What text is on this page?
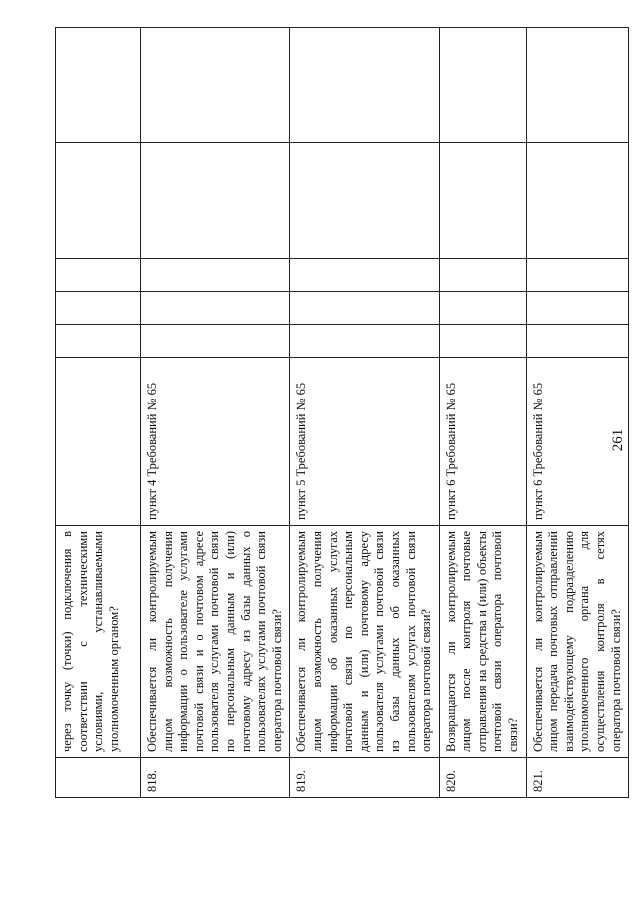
261
	через точку (точки) подключения в соответствии с техническими условиями, устанавливаемыми уполномоченным органом?						
818.	Обеспечивается ли контролируемым лицом возможность получения информации о пользователе услугами почтовой связи и о почтовом адресе пользователя услугами почтовой связи по персональным данным и (или) почтовому адресу из базы данных о пользователях услугами почтовой связи оператора почтовой связи?	пункт 4 Требований № 65					
819.	Обеспечивается ли контролируемым лицом возможность получения информации об оказанных услугах почтовой связи по персональным данным и (или) почтовому адресу пользователя услугами почтовой связи из базы данных об оказанных пользователям услугах почтовой связи оператора почтовой связи?	пункт 5 Требований № 65					
820.	Возвращаются ли контролируемым лицом после контроля почтовые отправления на средства и (или) объекты почтовой связи оператора почтовой связи?	пункт 6 Требований № 65					
821.	Обеспечивается ли контролируемым лицом передача почтовых отправлений взаимодействующему подразделению уполномоченного органа для осуществления контроля в сетях оператора почтовой связи?	пункт 6 Требований № 65					
